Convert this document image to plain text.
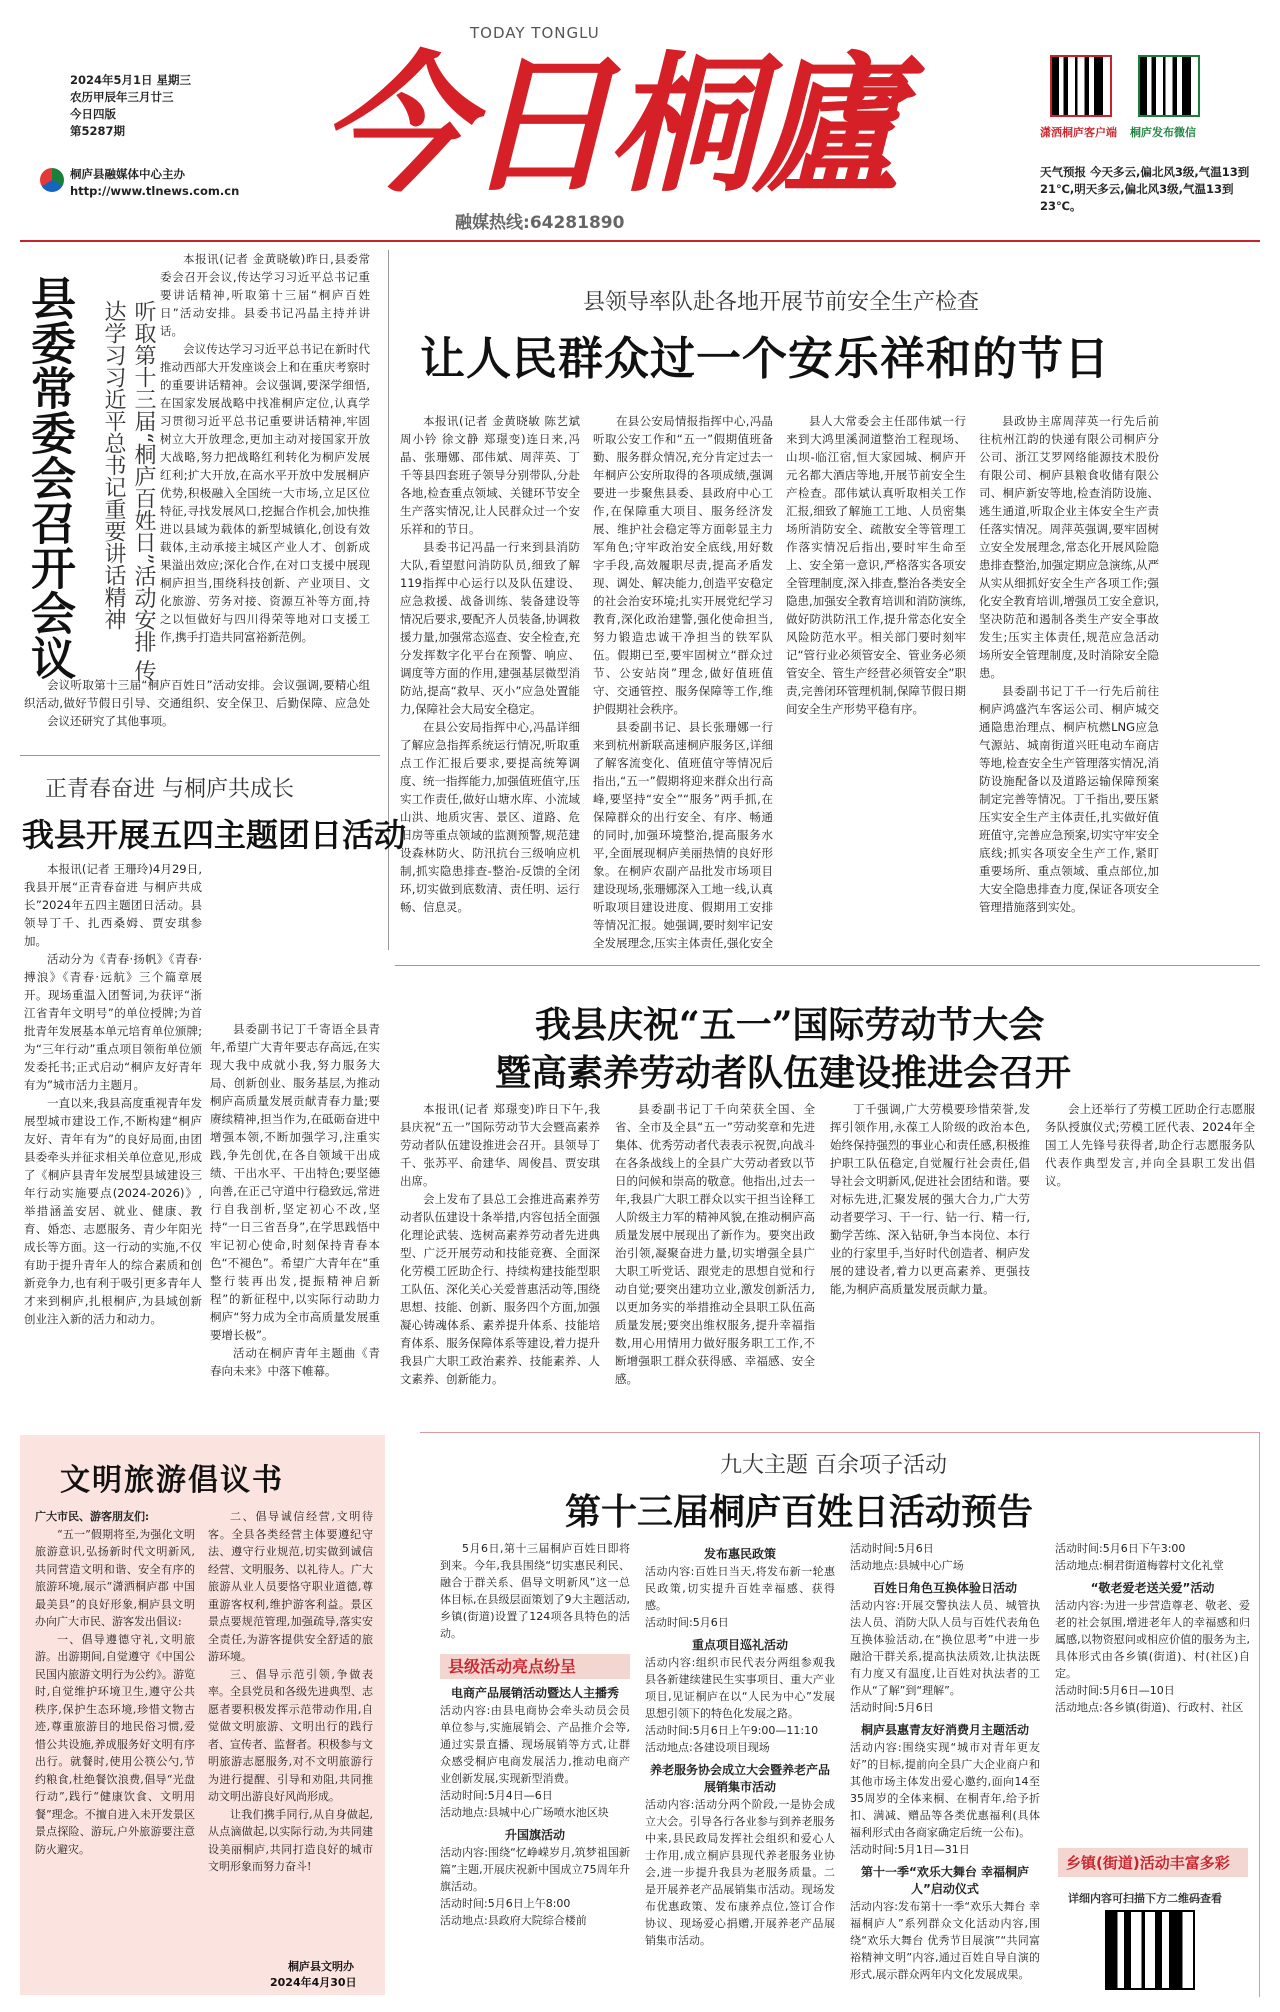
TODAY TONGLU
今日桐廬
融媒热线:64281890
2024年5月1日 星期三
农历甲辰年三月廿三
今日四版
第5287期
桐庐县融媒体中心主办
http://www.tlnews.com.cn
潇洒桐庐客户端 桐庐发布微信
天气预报 今天多云,偏北风3级,气温13到21℃,明天多云,偏北风3级,气温13到23℃。
县委常委会召开会议	听取第十三届“桐庐百姓日”活动安排 传达学习习近平总书记重要讲话精神

本报讯(记者 金黄晓敏)昨日,县委常委会召开会议,传达学习习近平总书记重要讲话精神,听取第十三届“桐庐百姓日”活动安排。县委书记冯晶主持并讲话。

会议传达学习习近平总书记在新时代推动西部大开发座谈会上和在重庆考察时的重要讲话精神。会议强调,要深学细悟,在国家发展战略中找准桐庐定位,认真学习贯彻习近平总书记重要讲话精神,牢固树立大开放理念,更加主动对接国家开放大战略,努力把战略红利转化为桐庐发展红利;扩大开放,在高水平开放中发展桐庐优势,积极融入全国统一大市场,立足区位特征,寻找发展风口,挖掘合作机会,加快推进以县域为载体的新型城镇化,创设有效载体,主动承接主城区产业人才、创新成果溢出效应;深化合作,在对口支援中展现桐庐担当,围绕科技创新、产业项目、文化旅游、劳务对接、资源互补等方面,持之以恒做好与四川得荣等地对口支援工作,携手打造共同富裕新范例。

会议听取第十三届“桐庐百姓日”活动安排。会议强调,要精心组织活动,做好节假日引导、交通组织、安全保卫、后勤保障、应急处

会议还研究了其他事项。

正青春奋进 与桐庐共成长
我县开展五四主题团日活动

本报讯(记者 王珊玲)4月29日,我县开展“正青春奋进 与桐庐共成长”2024年五四主题团日活动。县领导丁千、扎西桑姆、贾安琪参加。

活动分为《青春·扬帆》《青春·搏浪》《青春·远航》三个篇章展开。现场重温入团誓词,为获评“浙江省青年文明号”的单位授牌;为首批青年发展基本单元培育单位颁牌;为“三年行动”重点项目领衔单位颁发委托书;正式启动“桐庐友好青年有为”城市活力主题月。

一直以来,我县高度重视青年发展型城市建设工作,不断构建“桐庐友好、青年有为”的良好局面,由团县委牵头并征求相关单位意见,形成了《桐庐县青年发展型县域建设三年行动实施要点(2024-2026)》,举措涵盖安居、就业、健康、教育、婚恋、志愿服务、青少年阳光成长等方面。这一行动的实施,不仅有助于提升青年人的综合素质和创新竞争力,也有利于吸引更多青年人才来到桐庐,扎根桐庐,为县域创新创业注入新的活力和动力。

县委副书记丁千寄语全县青年,希望广大青年要志存高远,在实现大我中成就小我,努力服务大局、创新创业、服务基层,为推动桐庐高质量发展贡献青春力量;要赓续精神,担当作为,在砥砺奋进中增强本领,不断加强学习,注重实践,争先创优,在各自领域干出成绩、干出水平、干出特色;要坚德向善,在正己守道中行稳致远,常进行自我剖析,坚定初心不改,坚持“一日三省吾身”,在学思践悟中牢记初心使命,时刻保持青春本色“不褪色”。希望广大青年在“重整行装再出发,提振精神启新程”的新征程中,以实际行动助力桐庐“努力成为全市高质量发展重要增长极”。

活动在桐庐青年主题曲《青春向未来》中落下帷幕。

文明旅游倡议书
广大市民、游客朋友们:

“五一”假期将至,为强化文明旅游意识,弘扬新时代文明新风,共同营造文明和谐、安全有序的旅游环境,展示“潇洒桐庐郡 中国最美县”的良好形象,桐庐县文明办向广大市民、游客发出倡议:

一、倡导遵德守礼,文明旅游。出游期间,自觉遵守《中国公民国内旅游文明行为公约》。游览时,自觉维护环境卫生,遵守公共秩序,保护生态环境,珍惜文物古迹,尊重旅游目的地民俗习惯,爱惜公共设施,养成服务好文明有序出行。就餐时,使用公筷公勺,节约粮食,杜绝餐饮浪费,倡导“光盘行动”,践行“健康饮食、文明用餐”理念。不擅自进入未开发景区景点探险、游玩,户外旅游要注意防火避灾。

二、倡导诚信经营,文明待客。全县各类经营主体要遵纪守法、遵守行业规范,切实做到诚信经营、文明服务、以礼待人。广大旅游从业人员要恪守职业道德,尊重游客权利,维护游客利益。景区景点要规范管理,加强疏导,落实安全责任,为游客提供安全舒适的旅游环境。

三、倡导示范引领,争做表率。全县党员和各级先进典型、志愿者要积极发挥示范带动作用,自觉做文明旅游、文明出行的践行者、宣传者、监督者。积极参与文明旅游志愿服务,对不文明旅游行为进行提醒、引导和劝阻,共同推动文明出游良好风尚形成。

让我们携手同行,从自身做起,从点滴做起,以实际行动,为共同建设美丽桐庐,共同打造良好的城市文明形象而努力奋斗!

桐庐县文明办
2024年4月30日
县领导率队赴各地开展节前安全生产检查
让人民群众过一个安乐祥和的节日

本报讯(记者 金黄晓敏 陈艺斌 周小钤 徐文静 郑璟变)连日来,冯晶、张珊娜、邵伟斌、周萍英、丁千等县四套班子领导分别带队,分赴各地,检查重点领域、关键环节安全生产落实情况,让人民群众过一个安乐祥和的节日。

县委书记冯晶一行来到县消防大队,看望慰问消防队员,细致了解119指挥中心运行以及队伍建设、应急救援、战备训练、装备建设等情况后要求,要配齐人员装备,协调救援力量,加强常态巡查、安全检查,充分发挥数字化平台在预警、响应、调度等方面的作用,建强基层微型消防站,提高“救早、灭小”应急处置能力,保障社会大局安全稳定。

在县公安局指挥中心,冯晶详细了解应急指挥系统运行情况,听取重点工作汇报后要求,要提高统筹调度、统一指挥能力,加强值班值守,压实工作责任,做好山塘水库、小流域山洪、地质灾害、景区、道路、危旧房等重点领域的监测预警,规范建设森林防火、防汛抗台三级响应机制,抓实隐患排查-整治-反馈的全闭环,切实做到底数清、责任明、运行畅、信息灵。

在县公安局情报指挥中心,冯晶听取公安工作和“五一”假期值班备勤、服务群众情况,充分肯定过去一年桐庐公安所取得的各项成绩,强调要进一步聚焦县委、县政府中心工作,在保障重大项目、服务经济发展、维护社会稳定等方面彰显主力军角色;守牢政治安全底线,用好数字手段,高效履职尽责,提高矛盾发现、调处、解决能力,创造平安稳定的社会治安环境;扎实开展党纪学习教育,深化政治建警,强化使命担当,努力锻造忠诚干净担当的铁军队伍。假期已至,要牢固树立“群众过节、公安站岗”理念,做好值班值守、交通管控、服务保障等工作,维护假期社会秩序。

县委副书记、县长张珊娜一行来到杭州新联高速桐庐服务区,详细了解客流变化、值班值守等情况后指出,“五一”假期将迎来群众出行高峰,要坚持“安全”“服务”两手抓,在保障群众的出行安全、有序、畅通的同时,加强环境整治,提高服务水平,全面展现桐庐美丽热情的良好形象。在桐庐农副产品批发市场项目建设现场,张珊娜深入工地一线,认真听取项目建设进度、假期用工安排等情况汇报。她强调,要时刻牢记安全发展理念,压实主体责任,强化安全

县人大常委会主任邵伟斌一行来到大鸿里溪洞道整治工程现场、山坝-临江宿,恒大家园城、桐庐开元名都大酒店等地,开展节前安全生产检查。邵伟斌认真听取相关工作汇报,细致了解施工工地、人员密集场所消防安全、疏散安全等管理工作落实情况后指出,要时牢生命至上、安全第一意识,严格落实各项安全管理制度,深入排查,整治各类安全隐患,加强安全教育培训和消防演练,做好防洪防汛工作,提升常态化安全风险防范水平。相关部门要时刻牢记“管行业必须管安全、管业务必须管安全、管生产经营必须管安全”职责,完善闭环管理机制,保障节假日期间安全生产形势平稳有序。

县政协主席周萍英一行先后前往杭州江韵的快递有限公司桐庐分公司、浙江艾罗网络能源技术股份有限公司、桐庐县粮食收储有限公司、桐庐新安等地,检查消防设施、逃生通道,听取企业主体安全生产责任落实情况。周萍英强调,要牢固树立安全发展理念,常态化开展风险隐患排查整治,加强定期应急演练,从严从实从细抓好安全生产各项工作;强化安全教育培训,增强员工安全意识,坚决防范和遏制各类生产安全事故发生;压实主体责任,规范应急活动场所安全管理制度,及时消除安全隐患。

县委副书记丁千一行先后前往桐庐鸿盛汽车客运公司、桐庐城交通隐患治理点、桐庐杭燃LNG应急气源站、城南街道兴旺电动车商店等地,检查安全生产管理落实情况,消防设施配备以及道路运输保障预案制定完善等情况。丁千指出,要压紧压实安全生产主体责任,扎实做好值班值守,完善应急预案,切实守牢安全底线;抓实各项安全生产工作,紧盯重要场所、重点领域、重点部位,加大安全隐患排查力度,保证各项安全管理措施落到实处。

我县庆祝“五一”国际劳动节大会
暨高素养劳动者队伍建设推进会召开

本报讯(记者 郑璟变)昨日下午,我县庆祝“五一”国际劳动节大会暨高素养劳动者队伍建设推进会召开。县领导丁千、张苏平、俞建华、周俊昌、贾安琪出席。

会上发布了县总工会推进高素养劳动者队伍建设十条举措,内容包括全面强化理论武装、选树高素养劳动者先进典型、广泛开展劳动和技能竞赛、全面深化劳模工匠助企行、持续构建技能型职工队伍、深化关心关爱普惠活动等,围绕思想、技能、创新、服务四个方面,加强凝心铸魂体系、素养提升体系、技能培育体系、服务保障体系等建设,着力提升我县广大职工政治素养、技能素养、人文素养、创新能力。

县委副书记丁千向荣获全国、全省、全市及全县“五一”劳动奖章和先进集体、优秀劳动者代表表示祝贺,向战斗在各条战线上的全县广大劳动者致以节日的问候和崇高的敬意。他指出,过去一年,我县广大职工群众以实干担当诠释工人阶级主力军的精神风貌,在推动桐庐高质量发展中展现出了新作为。要突出政治引领,凝聚奋进力量,切实增强全县广大职工听党话、跟党走的思想自觉和行动自觉;要突出建功立业,激发创新活力,以更加务实的举措推动全县职工队伍高质量发展;要突出维权服务,提升幸福指数,用心用情用力做好服务职工工作,不断增强职工群众获得感、幸福感、安全感。

丁千强调,广大劳模要珍惜荣誉,发挥引领作用,永葆工人阶级的政治本色,始终保持强烈的事业心和责任感,积极推护职工队伍稳定,自觉履行社会责任,倡导社会文明新风,促进社会团结和谐。要对标先进,汇聚发展的强大合力,广大劳动者要学习、干一行、钻一行、精一行,勤学苦练、深入钻研,争当本岗位、本行业的行家里手,当好时代创造者、桐庐发展的建设者,着力以更高素养、更强技能,为桐庐高质量发展贡献力量。

会上还举行了劳模工匠助企行志愿服务队授旗仪式;劳模工匠代表、2024年全国工人先锋号获得者,助企行志愿服务队代表作典型发言,并向全县职工发出倡议。

九大主题 百余项子活动
第十三届桐庐百姓日活动预告

5月6日,第十三届桐庐百姓日即将到来。今年,我县围绕“切实惠民利民、融合于群关系、倡导文明新风”这一总体目标,在县级层面策划了9大主题活动,乡镇(街道)设置了124项各具特色的活动。

县级活动亮点纷呈
电商产品展销活动暨达人主播秀

活动内容:由县电商协会牵头动员会员单位参与,实施展销会、产品推介会等,通过实景直播、现场展销等方式,让群众感受桐庐电商发展活力,推动电商产业创新发展,实现新型消费。

活动时间:5月4日—6日

活动地点:县城中心广场喷水池区块

升国旗活动

活动内容:围绕“忆峥嵘岁月,筑梦祖国新篇”主题,开展庆祝新中国成立75周年升旗活动。

活动时间:5月6日上午8:00

活动地点:县政府大院综合楼前

发布惠民政策

活动内容:百姓日当天,将发布新一轮惠民政策,切实提升百姓幸福感、获得感。

活动时间:5月6日

重点项目巡礼活动

活动内容:组织市民代表分两组参观我县各新建续建民生实事项目、重大产业项目,见证桐庐在以“人民为中心”发展思想引领下的特色化发展之路。

活动时间:5月6日上午9:00—11:10

活动地点:各建设项目现场

养老服务协会成立大会暨养老产品展销集市活动

活动内容:活动分两个阶段,一是协会成立大会。引导各行各业参与到养老服务中来,县民政局发挥社会组织和爱心人士作用,成立桐庐县现代养老服务业协会,进一步提升我县为老服务质量。二是开展养老产品展销集市活动。现场发布优惠政策、发布康养点位,签订合作协议、现场爱心捐赠,开展养老产品展销集市活动。

活动时间:5月6日

活动地点:县城中心广场

百姓日角色互换体验日活动

活动内容:开展交警执法人员、城管执法人员、消防大队人员与百姓代表角色互换体验活动,在“换位思考”中进一步融洽干群关系,提高执法质效,让执法既有力度又有温度,让百姓对执法者的工作从“了解”到“理解”。

活动时间:5月6日

桐庐县惠青友好消费月主题活动

活动内容:围绕实现“城市对青年更友好”的目标,提前向全县广大企业商户和其他市场主体发出爱心邀约,面向14至35周岁的全体来桐、在桐青年,给予折扣、满减、赠品等各类优惠福利(具体福利形式由各商家确定后统一公布)。

活动时间:5月1日—31日

第十一季“欢乐大舞台 幸福桐庐人”启动仪式

活动内容:发布第十一季“欢乐大舞台 幸福桐庐人”系列群众文化活动内容,围绕“欢乐大舞台 优秀节目展演”“共同富裕精神文明”内容,通过百姓自导自演的形式,展示群众两年内文化发展成果。

活动时间:5月6日下午3:00

活动地点:桐君街道梅蓉村文化礼堂

“敬老爱老送关爱”活动

活动内容:为进一步营造尊老、敬老、爱老的社会氛围,增进老年人的幸福感和归属感,以物资慰问或相应价值的服务为主,具体形式由各乡镇(街道)、村(社区)自定。

活动时间:5月6日—10日

活动地点:各乡镇(街道)、行政村、社区

乡镇(街道)活动丰富多彩
详细内容可扫描下方二维码查看
